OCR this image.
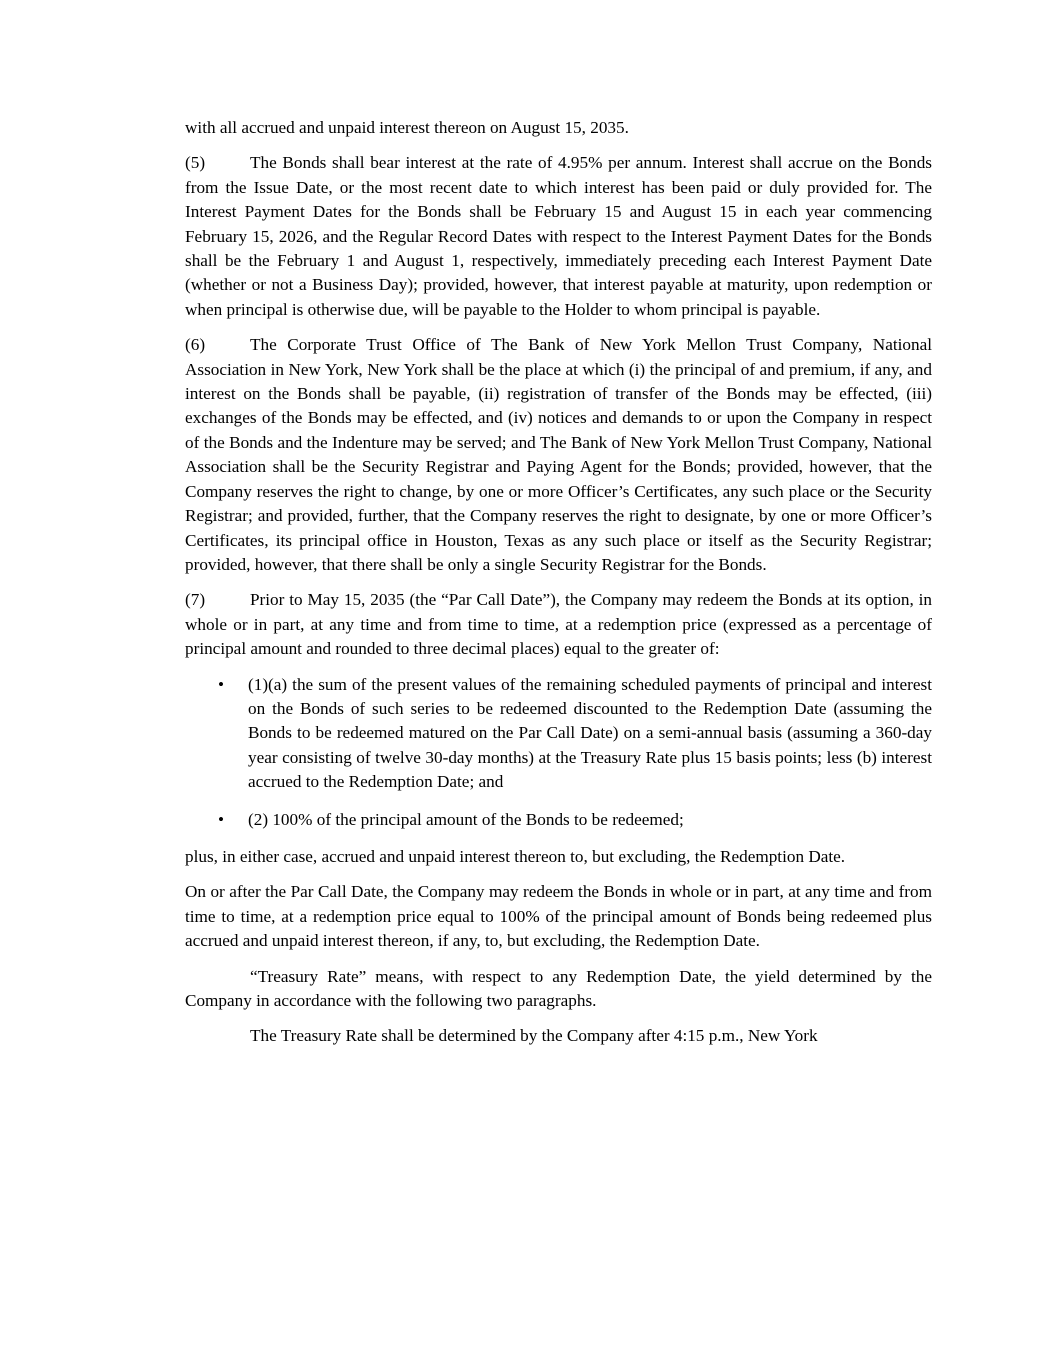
with all accrued and unpaid interest thereon on August 15, 2035.

(5)	The Bonds shall bear interest at the rate of 4.95% per annum. Interest shall accrue on the Bonds from the Issue Date, or the most recent date to which interest has been paid or duly provided for. The Interest Payment Dates for the Bonds shall be February 15 and August 15 in each year commencing February 15, 2026, and the Regular Record Dates with respect to the Interest Payment Dates for the Bonds shall be the February 1 and August 1, respectively, immediately preceding each Interest Payment Date (whether or not a Business Day); provided, however, that interest payable at maturity, upon redemption or when principal is otherwise due, will be payable to the Holder to whom principal is payable.

(6)	The Corporate Trust Office of The Bank of New York Mellon Trust Company, National Association in New York, New York shall be the place at which (i) the principal of and premium, if any, and interest on the Bonds shall be payable, (ii) registration of transfer of the Bonds may be effected, (iii) exchanges of the Bonds may be effected, and (iv) notices and demands to or upon the Company in respect of the Bonds and the Indenture may be served; and The Bank of New York Mellon Trust Company, National Association shall be the Security Registrar and Paying Agent for the Bonds; provided, however, that the Company reserves the right to change, by one or more Officer’s Certificates, any such place or the Security Registrar; and provided, further, that the Company reserves the right to designate, by one or more Officer’s Certificates, its principal office in Houston, Texas as any such place or itself as the Security Registrar; provided, however, that there shall be only a single Security Registrar for the Bonds.

(7)	Prior to May 15, 2035 (the “Par Call Date”), the Company may redeem the Bonds at its option, in whole or in part, at any time and from time to time, at a redemption price (expressed as a percentage of principal amount and rounded to three decimal places) equal to the greater of:

•	(1)(a) the sum of the present values of the remaining scheduled payments of principal and interest on the Bonds of such series to be redeemed discounted to the Redemption Date (assuming the Bonds to be redeemed matured on the Par Call Date) on a semi-annual basis (assuming a 360-day year consisting of twelve 30-day months) at the Treasury Rate plus 15 basis points; less (b) interest accrued to the Redemption Date; and

•	(2) 100% of the principal amount of the Bonds to be redeemed;

plus, in either case, accrued and unpaid interest thereon to, but excluding, the Redemption Date.

On or after the Par Call Date, the Company may redeem the Bonds in whole or in part, at any time and from time to time, at a redemption price equal to 100% of the principal amount of Bonds being redeemed plus accrued and unpaid interest thereon, if any, to, but excluding, the Redemption Date.

“Treasury Rate” means, with respect to any Redemption Date, the yield determined by the Company in accordance with the following two paragraphs.

The Treasury Rate shall be determined by the Company after 4:15 p.m., New York
